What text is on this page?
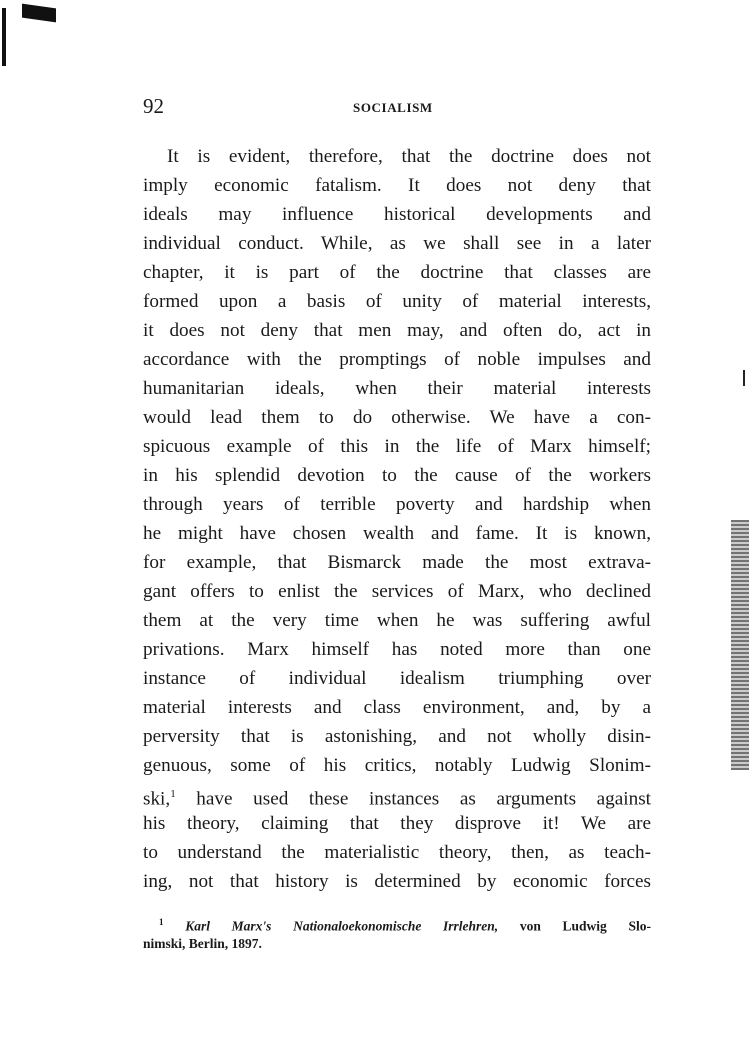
92	SOCIALISM
It is evident, therefore, that the doctrine does not
imply economic fatalism. It does not deny that
ideals may influence historical developments and
individual conduct. While, as we shall see in a later
chapter, it is part of the doctrine that classes are
formed upon a basis of unity of material interests,
it does not deny that men may, and often do, act in
accordance with the promptings of noble impulses and
humanitarian ideals, when their material interests
would lead them to do otherwise. We have a con-
spicuous example of this in the life of Marx himself;
in his splendid devotion to the cause of the workers
through years of terrible poverty and hardship when
he might have chosen wealth and fame. It is known,
for example, that Bismarck made the most extrava-
gant offers to enlist the services of Marx, who declined
them at the very time when he was suffering awful
privations. Marx himself has noted more than one
instance of individual idealism triumphing over
material interests and class environment, and, by a
perversity that is astonishing, and not wholly disin-
genuous, some of his critics, notably Ludwig Slonim-
ski,$^1$ have used these instances as arguments against
his theory, claiming that they disprove it! We are
to understand the materialistic theory, then, as teach-
ing, not that history is determined by economic forces
$^1$ Karl Marx's Nationaloekonomische Irrlehren, von Ludwig Slo-
nimski, Berlin, 1897.
